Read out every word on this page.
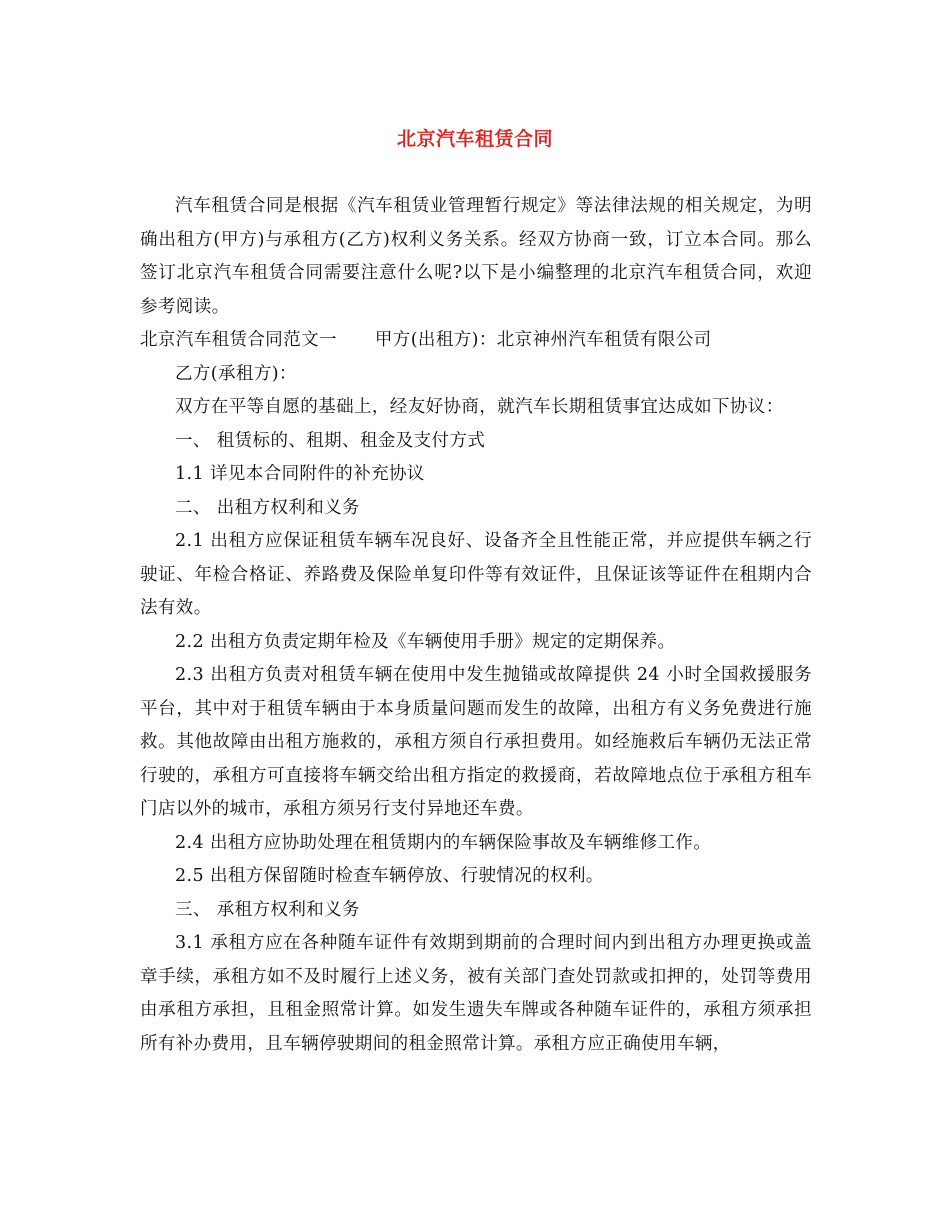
北京汽车租赁合同

汽车租赁合同是根据《汽车租赁业管理暂行规定》等法律法规的相关规定，为明确出租方(甲方)与承租方(乙方)权利义务关系。经双方协商一致，订立本合同。那么签订北京汽车租赁合同需要注意什么呢?以下是小编整理的北京汽车租赁合同，欢迎参考阅读。

北京汽车租赁合同范文一 甲方(出租方)：北京神州汽车租赁有限公司

乙方(承租方)：

双方在平等自愿的基础上，经友好协商，就汽车长期租赁事宜达成如下协议：

一、 租赁标的、租期、租金及支付方式

1.1 详见本合同附件的补充协议

二、 出租方权利和义务

2.1 出租方应保证租赁车辆车况良好、设备齐全且性能正常，并应提供车辆之行驶证、年检合格证、养路费及保险单复印件等有效证件，且保证该等证件在租期内合法有效。

2.2 出租方负责定期年检及《车辆使用手册》规定的定期保养。

2.3 出租方负责对租赁车辆在使用中发生抛锚或故障提供 24 小时全国救援服务平台，其中对于租赁车辆由于本身质量问题而发生的故障，出租方有义务免费进行施救。其他故障由出租方施救的，承租方须自行承担费用。如经施救后车辆仍无法正常行驶的，承租方可直接将车辆交给出租方指定的救援商，若故障地点位于承租方租车门店以外的城市，承租方须另行支付异地还车费。

2.4 出租方应协助处理在租赁期内的车辆保险事故及车辆维修工作。

2.5 出租方保留随时检查车辆停放、行驶情况的权利。

三、 承租方权利和义务

3.1 承租方应在各种随车证件有效期到期前的合理时间内到出租方办理更换或盖章手续，承租方如不及时履行上述义务，被有关部门查处罚款或扣押的，处罚等费用由承租方承担，且租金照常计算。如发生遗失车牌或各种随车证件的，承租方须承担所有补办费用，且车辆停驶期间的租金照常计算。承租方应正确使用车辆，
